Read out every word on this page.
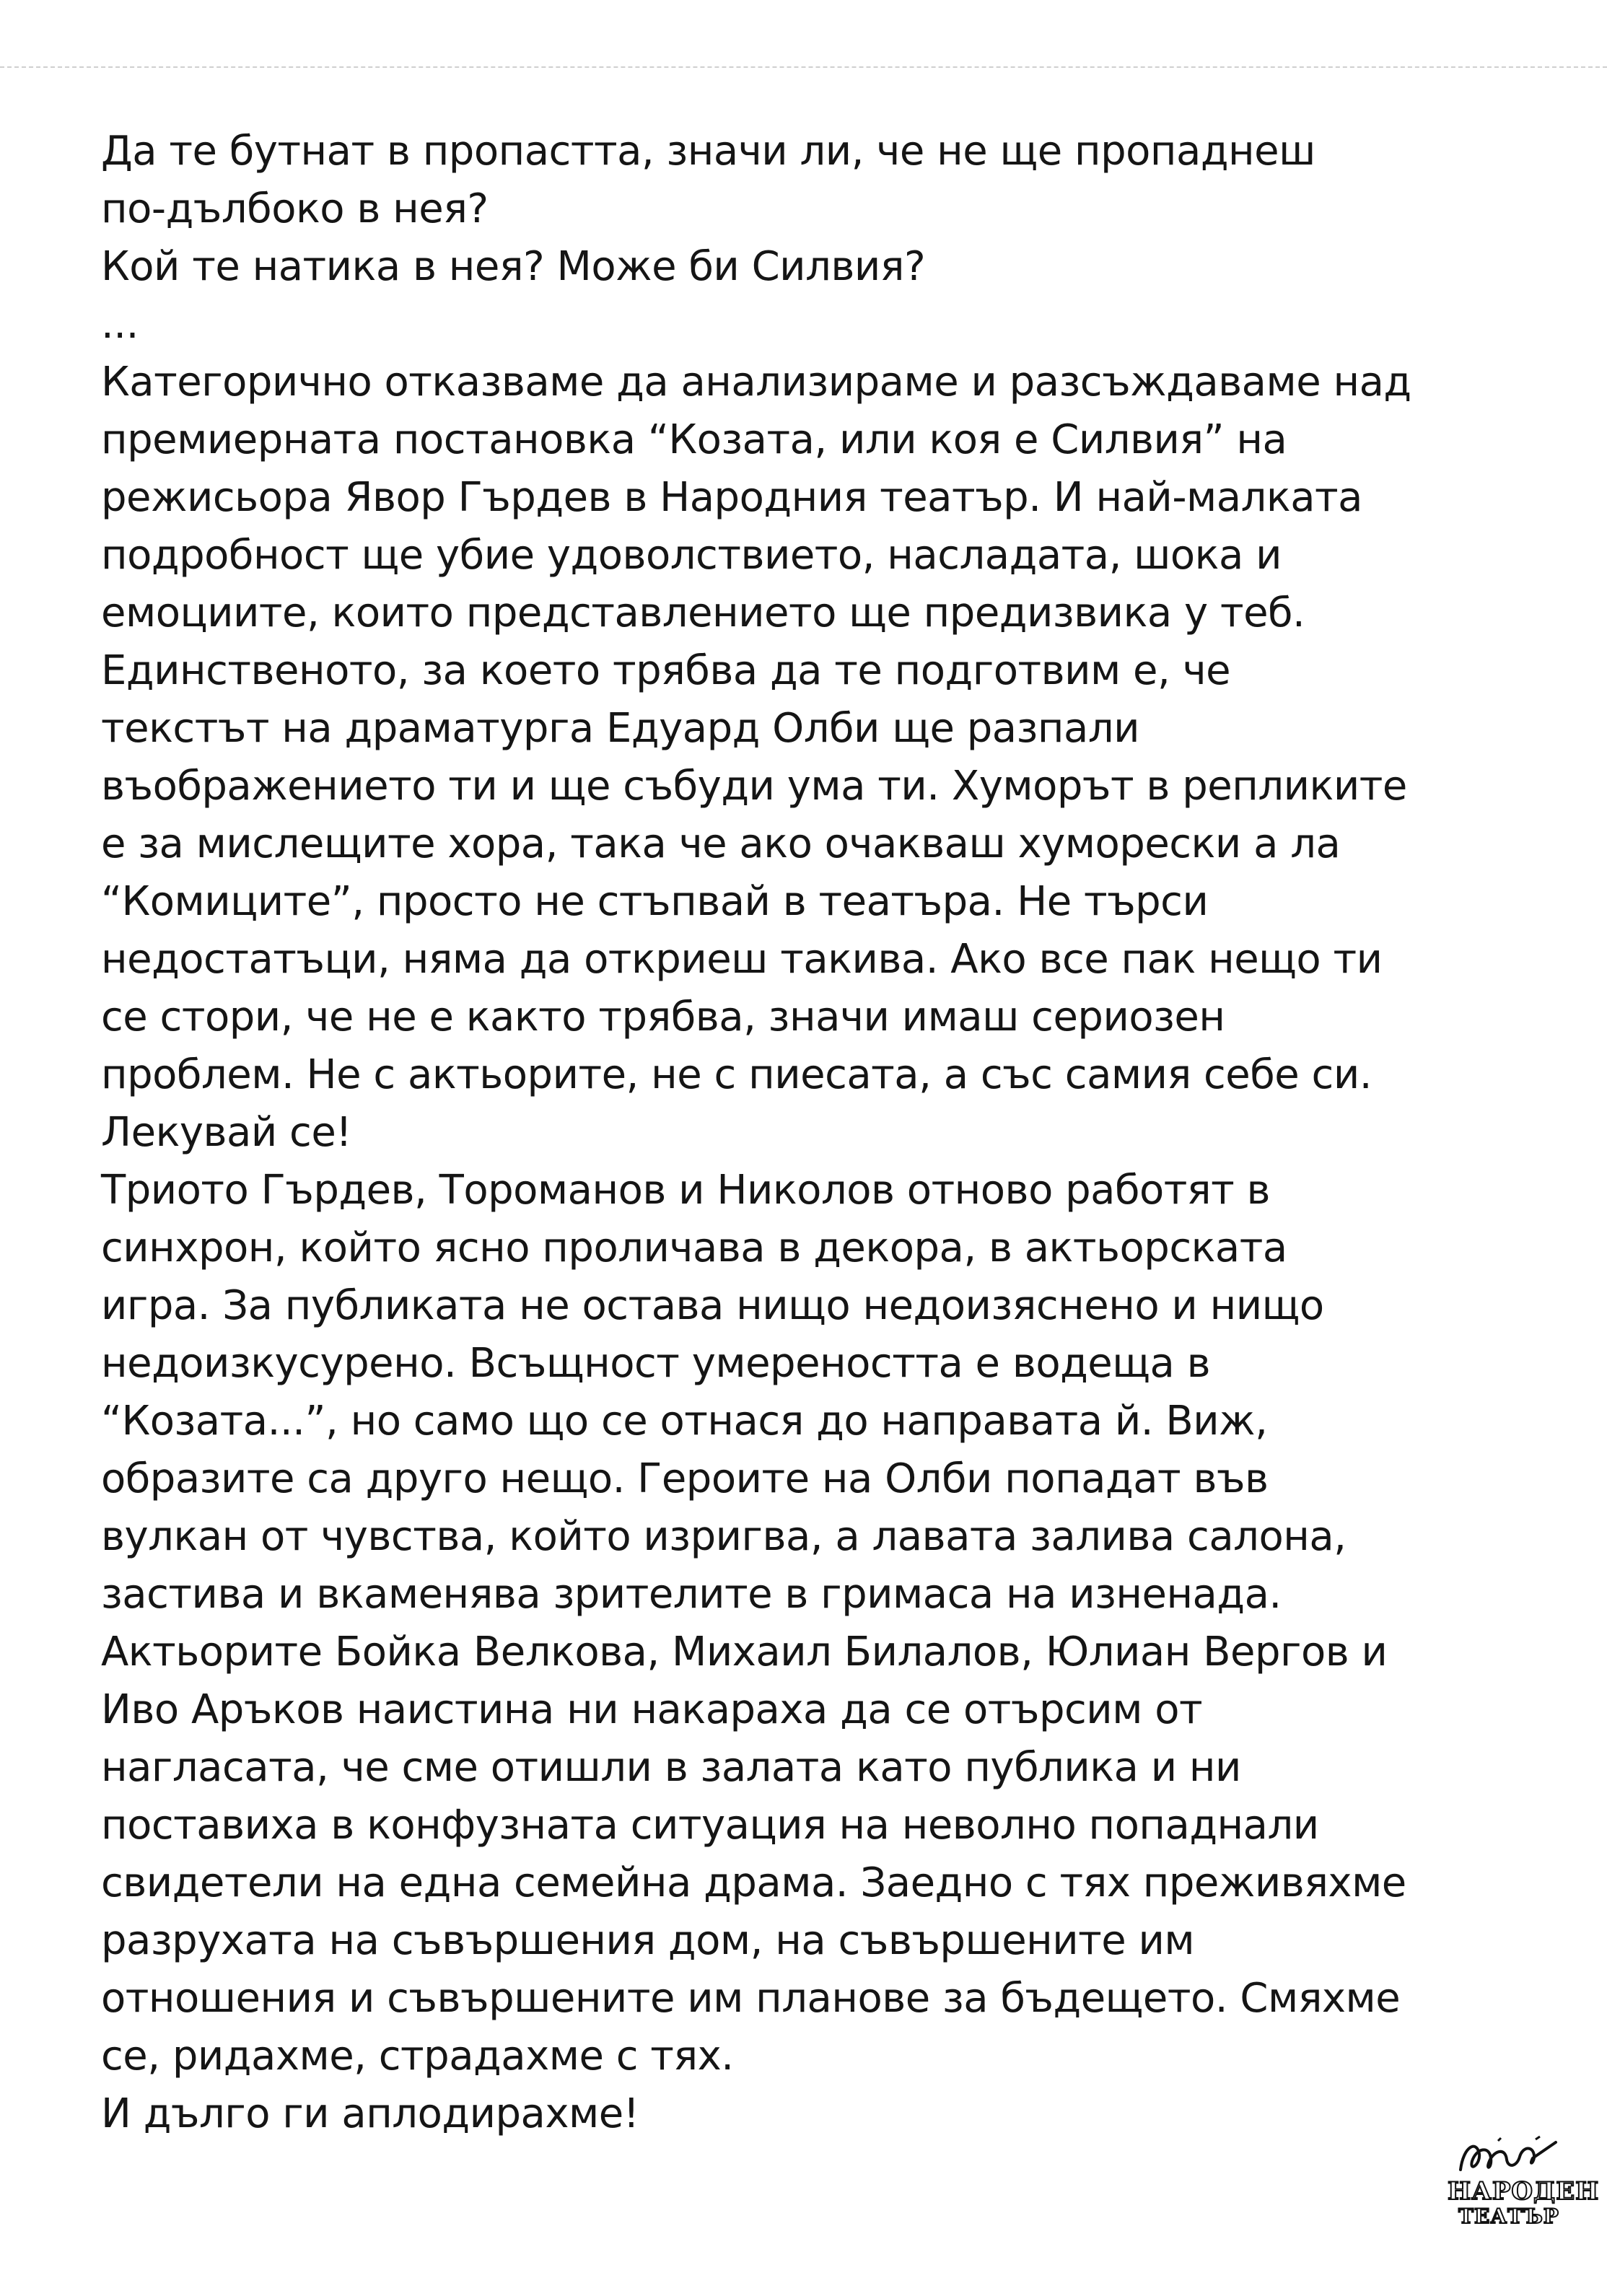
Да те бутнат в пропастта, значи ли, че не ще пропаднеш
по-дълбоко в нея?
Кой те натика в нея? Може би Силвия?
...
Категорично отказваме да анализираме и разсъждаваме над
премиерната постановка “Козата, или коя е Силвия” на
режисьора Явор Гърдев в Народния театър. И най-малката
подробност ще убие удоволствието, насладата, шока и
емоциите, които представлението ще предизвика у теб.
Единственото, за което трябва да те подготвим е, че
текстът на драматурга Едуард Олби ще разпали
въображението ти и ще събуди ума ти. Хуморът в репликите
е за мислещите хора, така че ако очакваш хуморески а ла
“Комиците”, просто не стъпвай в театъра. Не търси
недостатъци, няма да откриеш такива. Ако все пак нещо ти
се стори, че не е както трябва, значи имаш сериозен
проблем. Не с актьорите, не с пиесата, а със самия себе си.
Лекувай се!
Триото Гърдев, Тороманов и Николов отново работят в
синхрон, който ясно проличава в декора, в актьорската
игра. За публиката не остава нищо недоизяснено и нищо
недоизкусурено. Всъщност умереността е водеща в
“Козата...”, но само що се отнася до направата й. Виж,
образите са друго нещо. Героите на Олби попадат във
вулкан от чувства, който изригва, а лавата залива салона,
застива и вкаменява зрителите в гримаса на изненада.
Актьорите Бойка Велкова, Михаил Билалов, Юлиан Вергов и
Иво Аръков наистина ни накараха да се отърсим от
нагласата, че сме отишли в залата като публика и ни
поставиха в конфузната ситуация на неволно попаднали
свидетели на една семейна драма. Заедно с тях преживяхме
разрухата на съвършения дом, на съвършените им
отношения и съвършените им планове за бъдещето. Смяхме
се, ридахме, страдахме с тях.
И дълго ги аплодирахме!
НАРОДЕН
ТЕАТЪР
